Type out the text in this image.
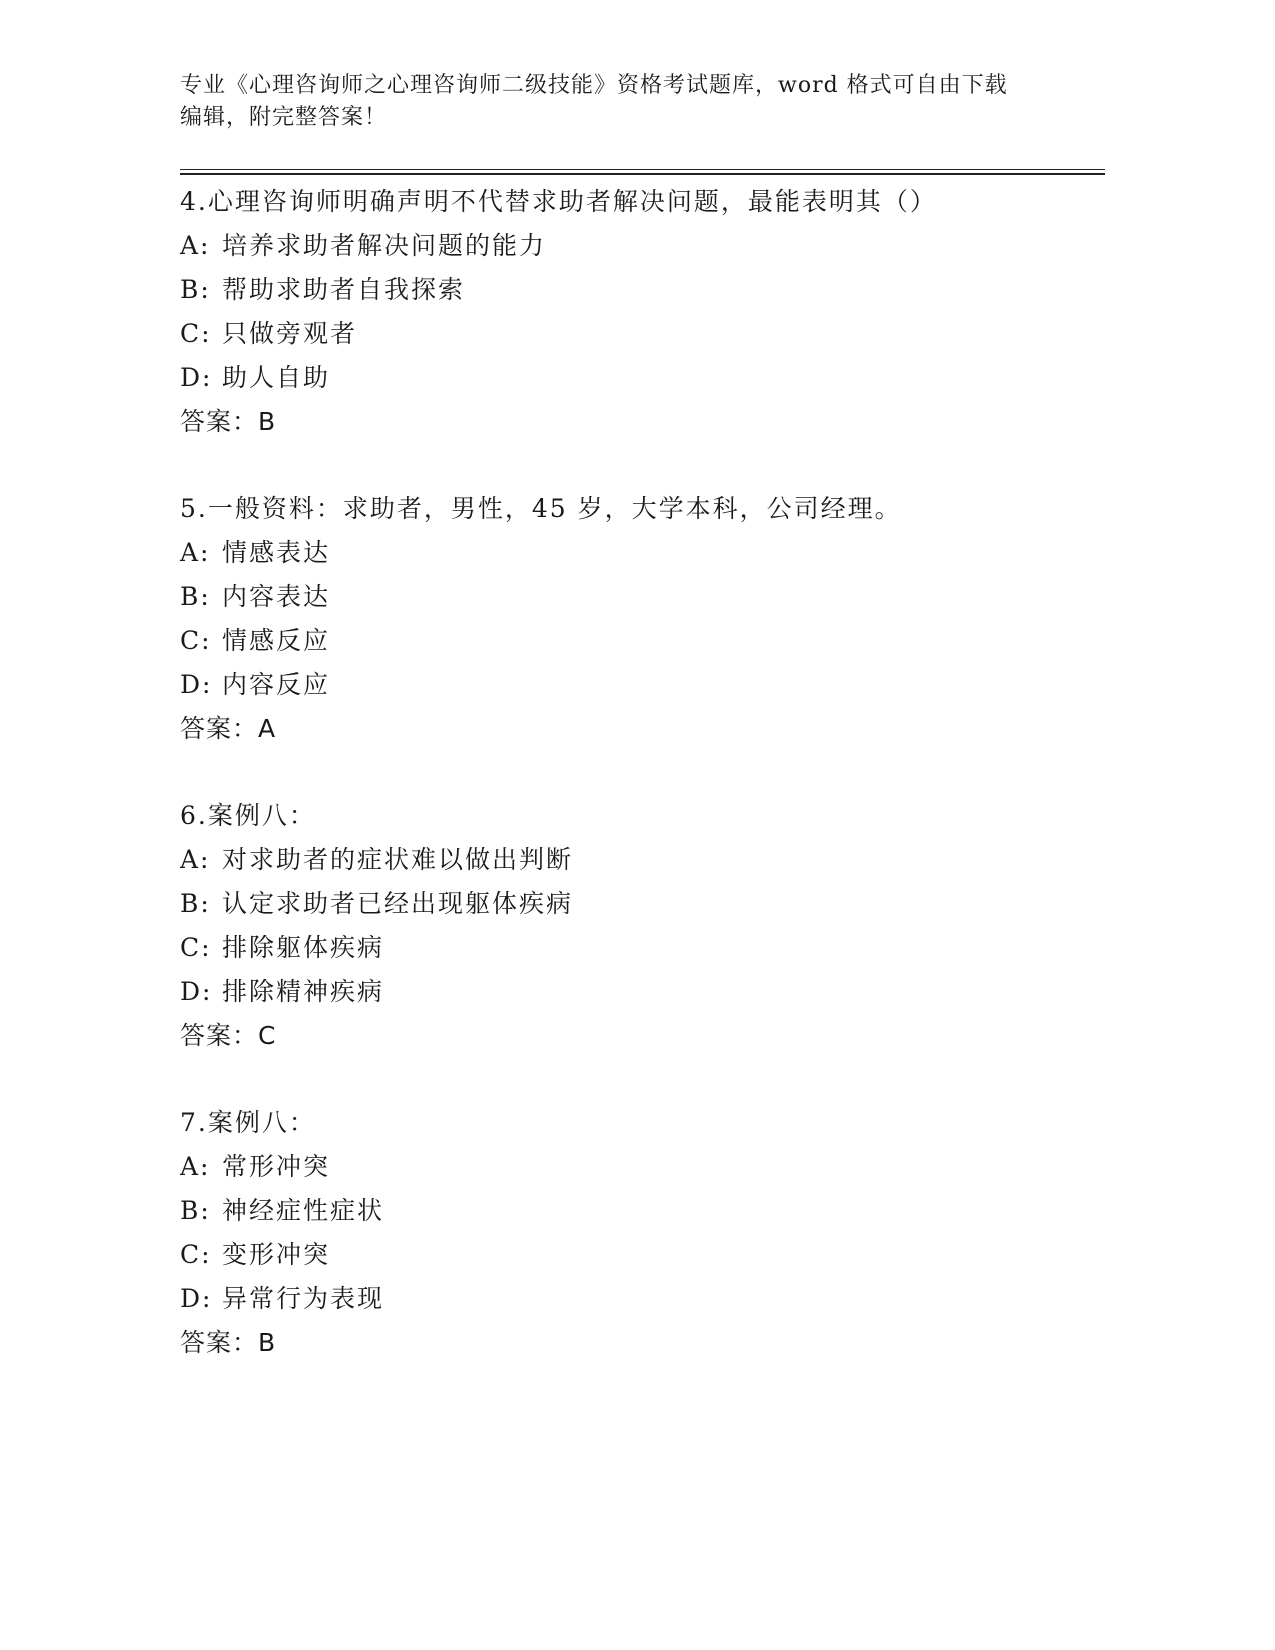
专业《心理咨询师之心理咨询师二级技能》资格考试题库，word 格式可自由下载
编辑，附完整答案！
4.心理咨询师明确声明不代替求助者解决问题，最能表明其（）
A: 培养求助者解决问题的能力
B: 帮助求助者自我探索
C: 只做旁观者
D: 助人自助
答案：B
5.一般资料：求助者，男性，45 岁，大学本科，公司经理。
A: 情感表达
B: 内容表达
C: 情感反应
D: 内容反应
答案：A
6.案例八：
A: 对求助者的症状难以做出判断
B: 认定求助者已经出现躯体疾病
C: 排除躯体疾病
D: 排除精神疾病
答案：C
7.案例八：
A: 常形冲突
B: 神经症性症状
C: 变形冲突
D: 异常行为表现
答案：B
